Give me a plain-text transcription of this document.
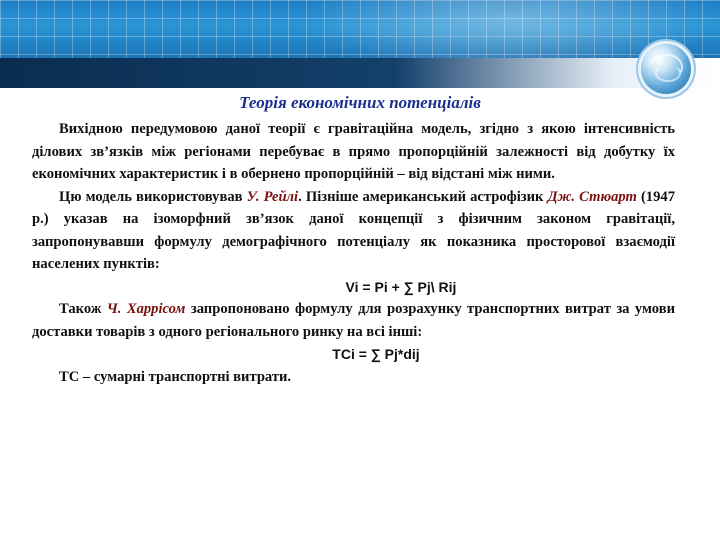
Теорія економічних потенціалів

Вихідною передумовою даної теорії є гравітаційна модель, згідно з якою інтенсивність ділових зв’язків між регіонами перебуває в прямо пропорційній залежності від добутку їх економічних характеристик і в оберненo пропорційній – від відстані між ними.

Цю модель використовував У. Рейлі. Пізніше американський астрофізик Дж. Стюарт (1947 р.) указав на ізоморфний зв’язок даної концепції з фізичним законом гравітації, запропонувавши формулу демографічного потенціалу як показника просторової взаємодії населених пунктів:

Vi = Pi + ∑ Pj\ Rij

Також Ч. Харрісом запропоновано формулу для розрахунку транспортних витрат за умови доставки товарів з одного регіонального ринку на всі інші:

TCi = ∑ Pj*dij

ТС – сумарні транспортні витрати.
